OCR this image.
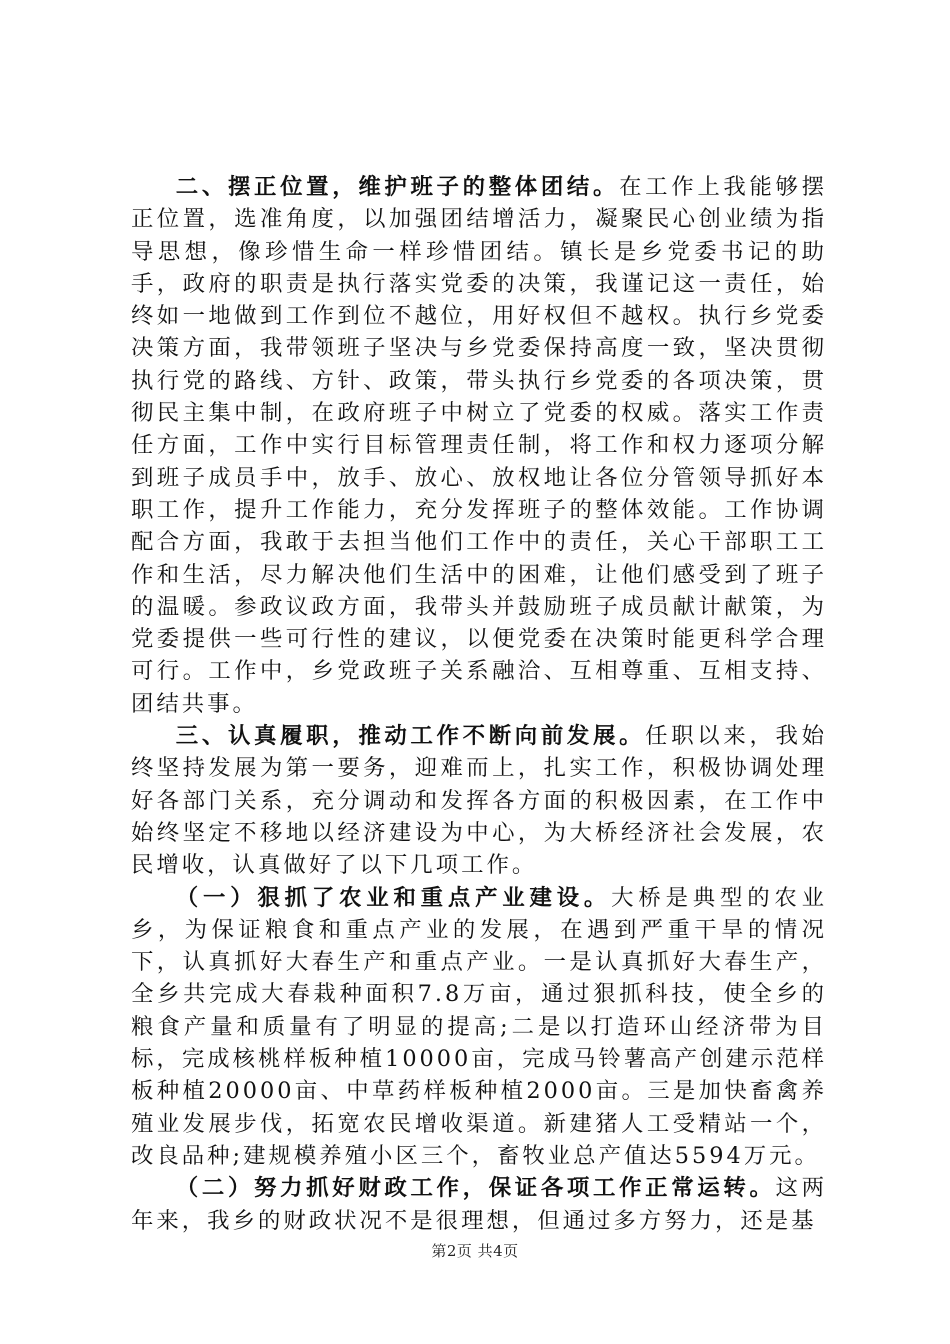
二、摆正位置，维护班子的整体团结。在工作上我能够摆正位置，选准角度，以加强团结增活力，凝聚民心创业绩为指导思想，像珍惜生命一样珍惜团结。镇长是乡党委书记的助手，政府的职责是执行落实党委的决策，我谨记这一责任，始终如一地做到工作到位不越位，用好权但不越权。执行乡党委决策方面，我带领班子坚决与乡党委保持高度一致，坚决贯彻执行党的路线、方针、政策，带头执行乡党委的各项决策，贯彻民主集中制，在政府班子中树立了党委的权威。落实工作责任方面，工作中实行目标管理责任制，将工作和权力逐项分解到班子成员手中，放手、放心、放权地让各位分管领导抓好本职工作，提升工作能力，充分发挥班子的整体效能。工作协调配合方面，我敢于去担当他们工作中的责任，关心干部职工工作和生活，尽力解决他们生活中的困难，让他们感受到了班子的温暖。参政议政方面，我带头并鼓励班子成员献计献策，为党委提供一些可行性的建议，以便党委在决策时能更科学合理可行。工作中，乡党政班子关系融洽、互相尊重、互相支持、团结共事。

三、认真履职，推动工作不断向前发展。任职以来，我始终坚持发展为第一要务，迎难而上，扎实工作，积极协调处理好各部门关系，充分调动和发挥各方面的积极因素，在工作中始终坚定不移地以经济建设为中心，为大桥经济社会发展，农民增收，认真做好了以下几项工作。

（一）狠抓了农业和重点产业建设。大桥是典型的农业乡，为保证粮食和重点产业的发展，在遇到严重干旱的情况下，认真抓好大春生产和重点产业。一是认真抓好大春生产，全乡共完成大春栽种面积7.8万亩，通过狠抓科技，使全乡的粮食产量和质量有了明显的提高;二是以打造环山经济带为目标，完成核桃样板种植10000亩，完成马铃薯高产创建示范样板种植20000亩、中草药样板种植2000亩。三是加快畜禽养殖业发展步伐，拓宽农民增收渠道。新建猪人工受精站一个，改良品种;建规模养殖小区三个，畜牧业总产值达5594万元。

（二）努力抓好财政工作，保证各项工作正常运转。这两年来，我乡的财政状况不是很理想，但通过多方努力，还是基

第2页 共4页
